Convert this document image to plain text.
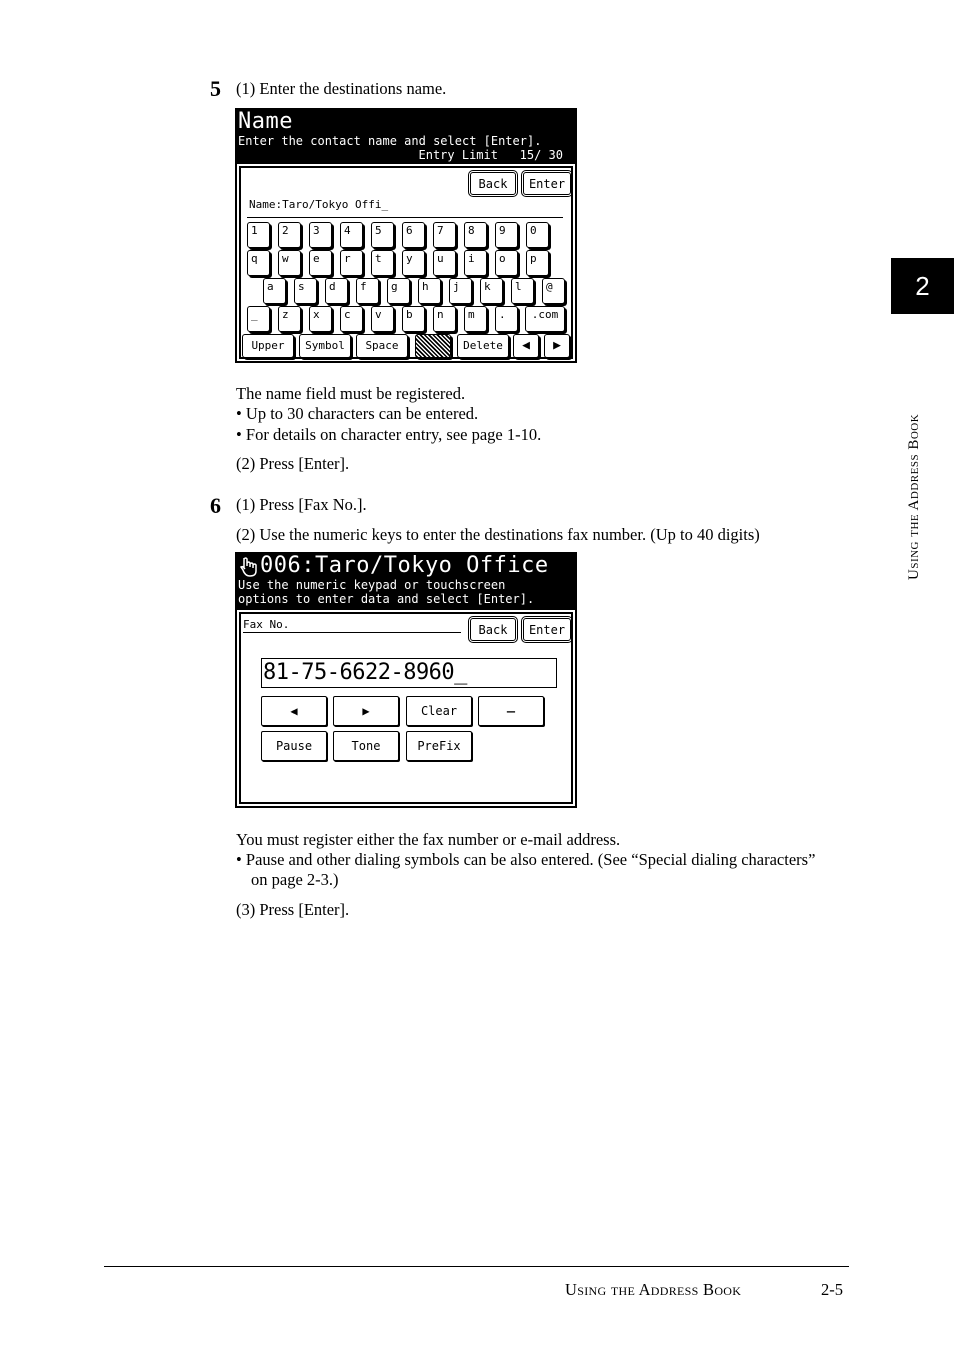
2
Using the Address Book
5 (1) Enter the destinations name.
Name
Enter the contact name and select [Enter].
Entry Limit   15/ 30
Back	Enter
Name:Taro/Tokyo Offi_
1	2	3	4	5	6	7	8	9	0
q	w	e	r	t	y	u	i	o	p
a	s	d	f	g	h	j	k	l	@
_	z	x	c	v	b	n	m	.	.com
Upper	Symbol	Space	Delete	◀	▶
The name field must be registered.
• Up to 30 characters can be entered.
• For details on character entry, see page 1-10.
(2) Press [Enter].
6 (1) Press [Fax No.].
(2) Use the numeric keys to enter the destinations fax number. (Up to 40 digits)
006:Taro/Tokyo Office
Use the numeric keypad or touchscreen
options to enter data and select [Enter].
Fax No.	Back	Enter
81-75-6622-8960_
◀	▶	Clear	−
Pause	Tone	PreFix
You must register either the fax number or e-mail address.
• Pause and other dialing symbols can be also entered. (See “Special dialing characters” on page 2-3.)
(3) Press [Enter].
Using the Address Book	2-5
